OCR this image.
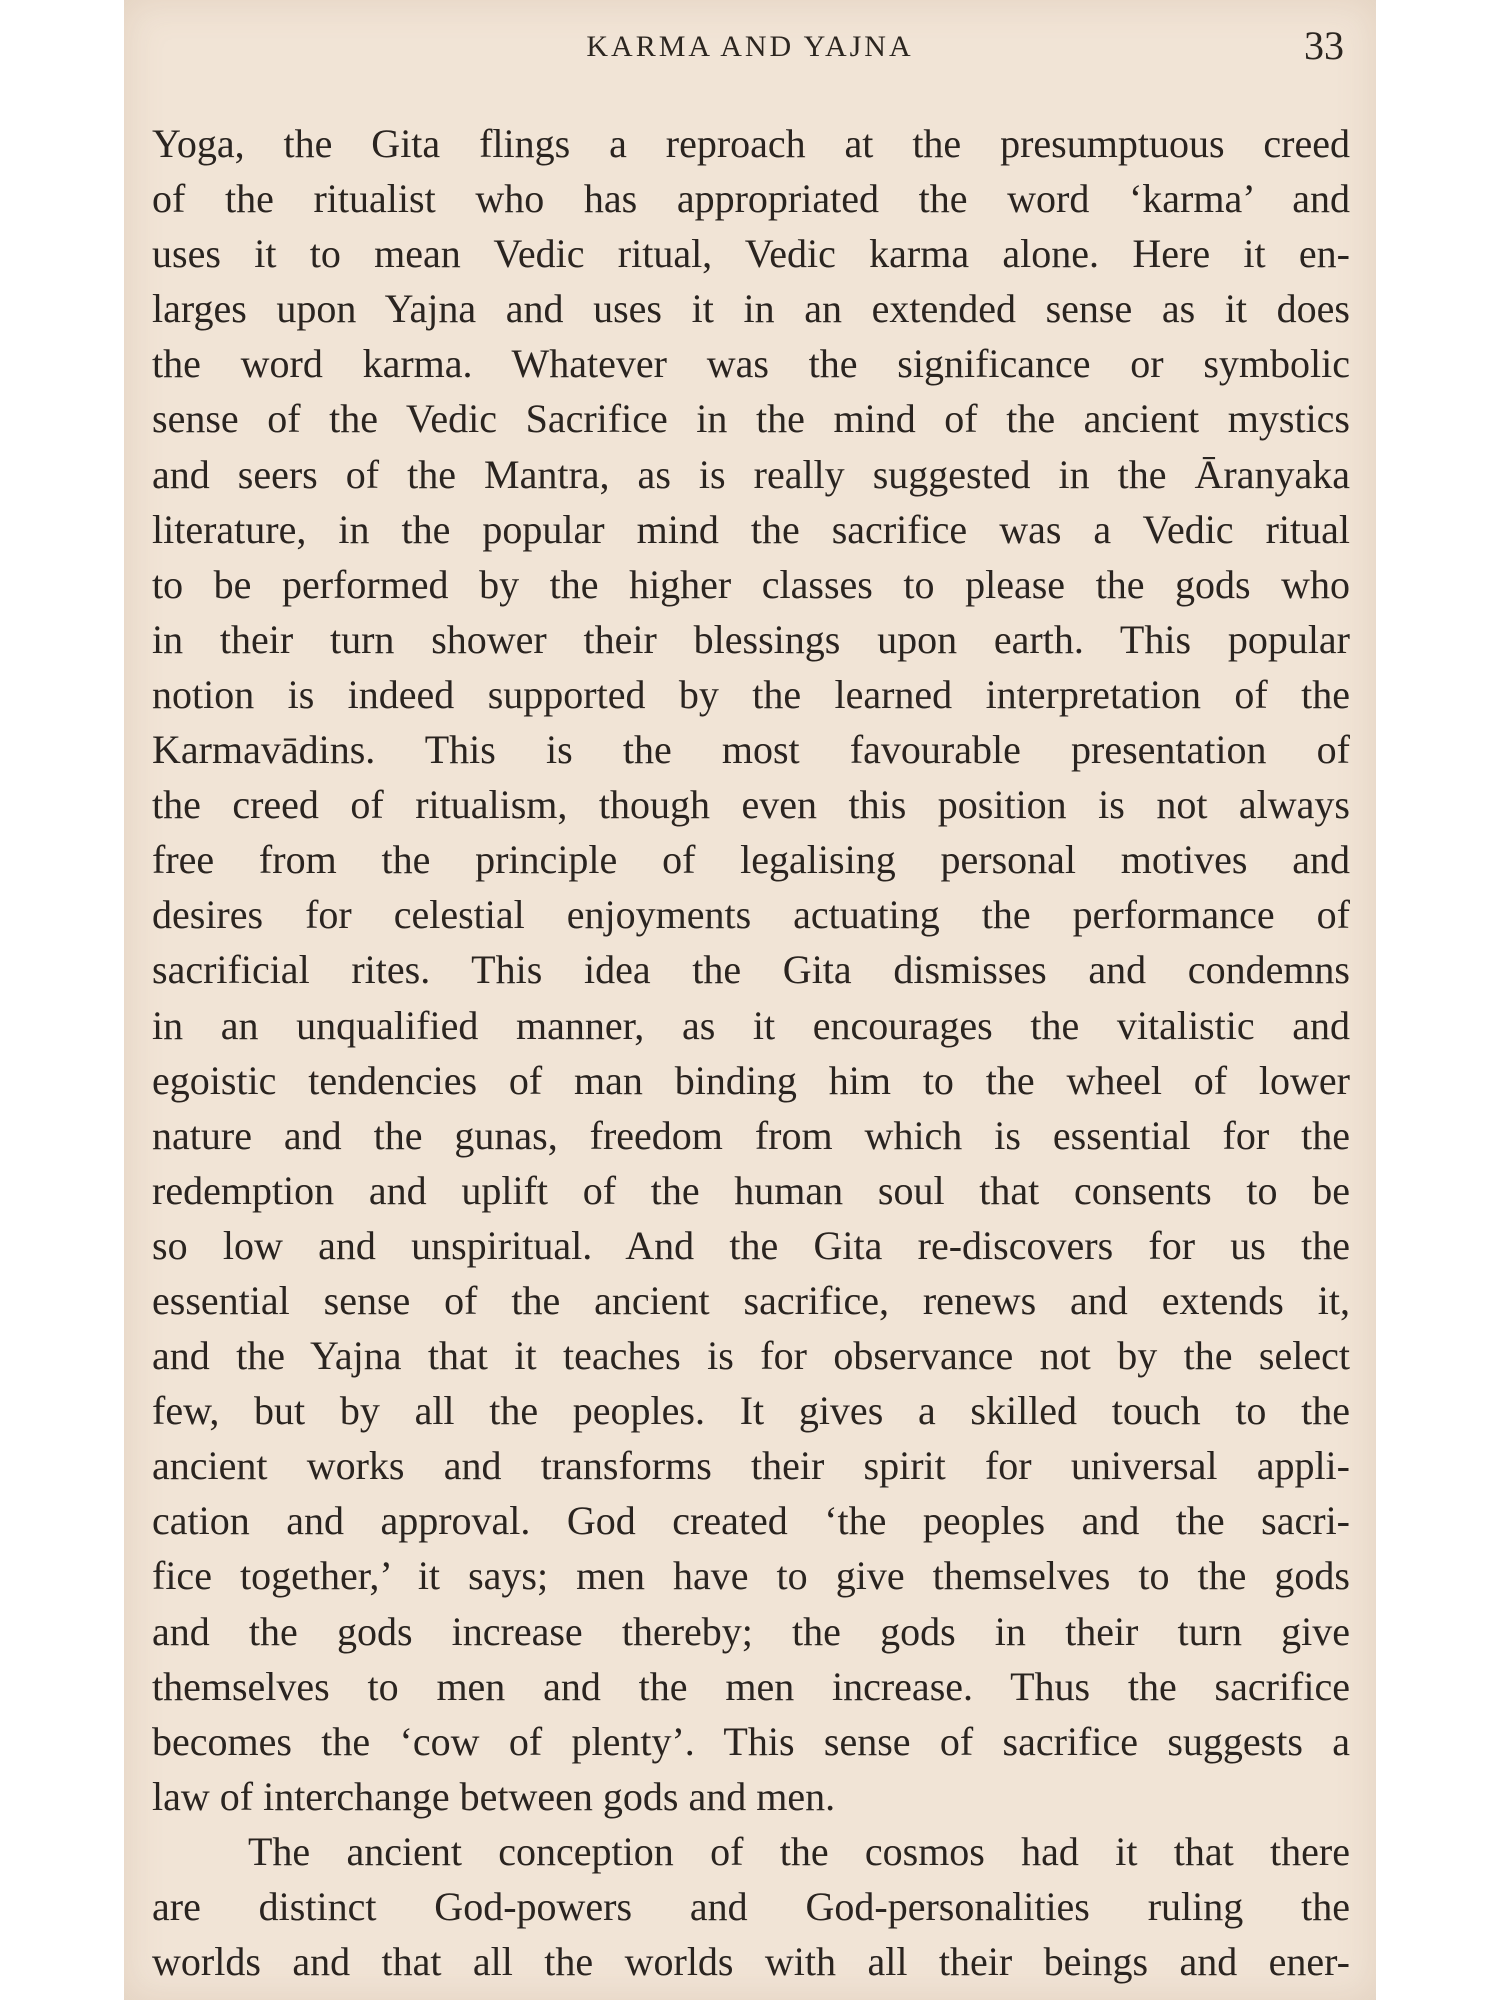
KARMA AND YAJNA	33
Yoga, the Gita flings a reproach at the presumptuous creed
of the ritualist who has appropriated the word ‘karma’ and
uses it to mean Vedic ritual, Vedic karma alone. Here it en-
larges upon Yajna and uses it in an extended sense as it does
the word karma. Whatever was the significance or symbolic
sense of the Vedic Sacrifice in the mind of the ancient mystics
and seers of the Mantra, as is really suggested in the Āranyaka
literature, in the popular mind the sacrifice was a Vedic ritual
to be performed by the higher classes to please the gods who
in their turn shower their blessings upon earth. This popular
notion is indeed supported by the learned interpretation of the
Karmavādins. This is the most favourable presentation of
the creed of ritualism, though even this position is not always
free from the principle of legalising personal motives and
desires for celestial enjoyments actuating the performance of
sacrificial rites. This idea the Gita dismisses and condemns
in an unqualified manner, as it encourages the vitalistic and
egoistic tendencies of man binding him to the wheel of lower
nature and the gunas, freedom from which is essential for the
redemption and uplift of the human soul that consents to be
so low and unspiritual. And the Gita re-discovers for us the
essential sense of the ancient sacrifice, renews and extends it,
and the Yajna that it teaches is for observance not by the select
few, but by all the peoples. It gives a skilled touch to the
ancient works and transforms their spirit for universal appli-
cation and approval. God created ‘the peoples and the sacri-
fice together,’ it says; men have to give themselves to the gods
and the gods increase thereby; the gods in their turn give
themselves to men and the men increase. Thus the sacrifice
becomes the ‘cow of plenty’. This sense of sacrifice suggests a
law of interchange between gods and men.
The ancient conception of the cosmos had it that there
are distinct God-powers and God-personalities ruling the
worlds and that all the worlds with all their beings and ener-
